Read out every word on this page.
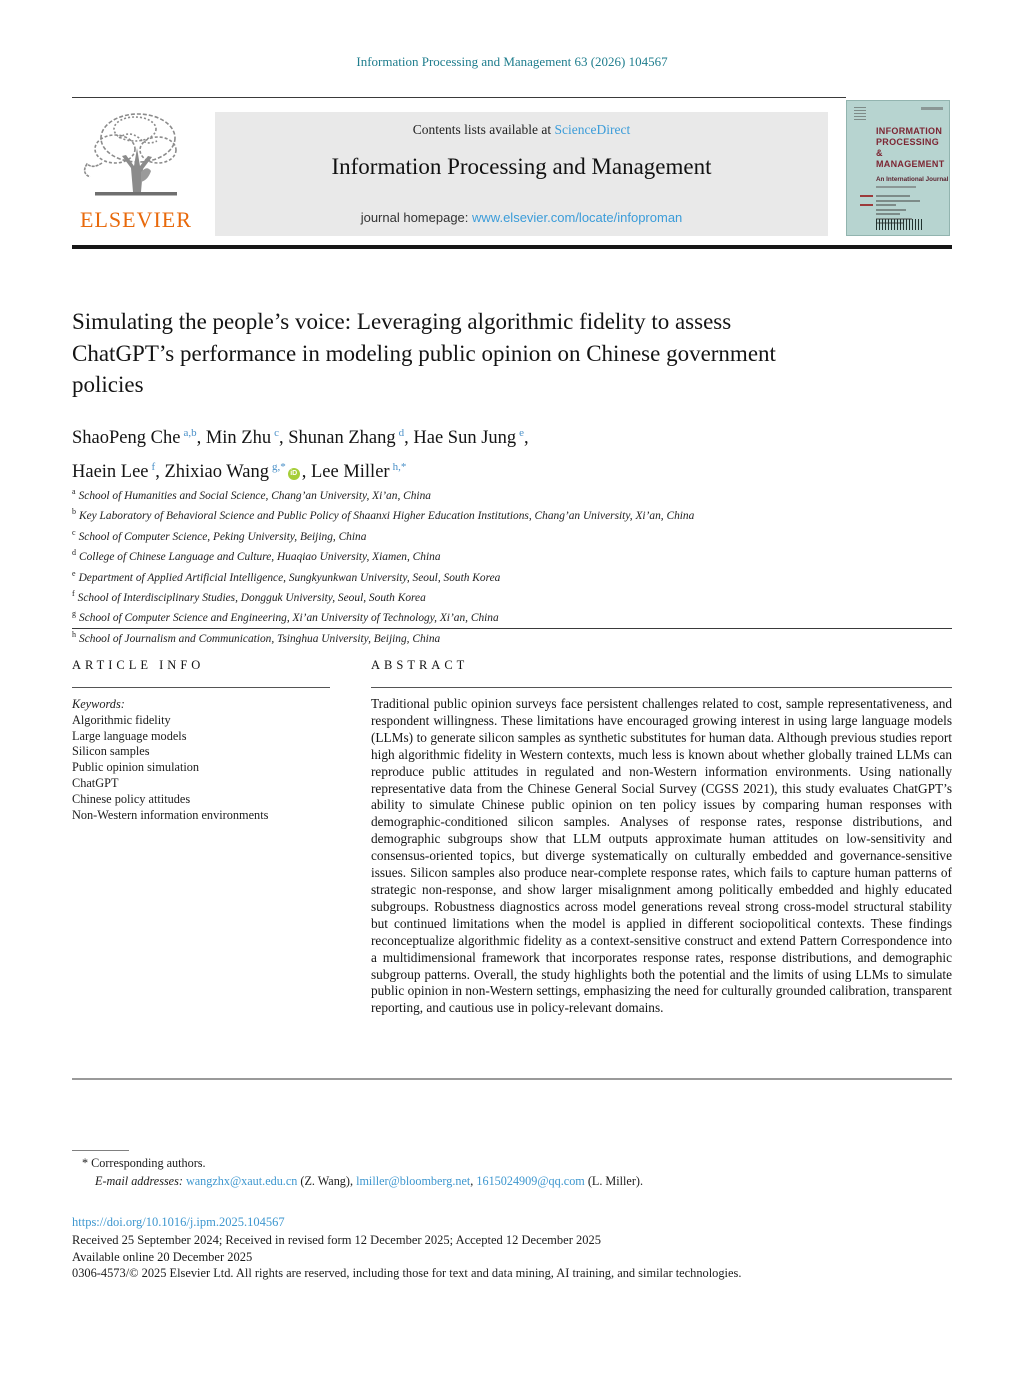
Information Processing and Management 63 (2026) 104567
ELSEVIER
Contents lists available at ScienceDirect
Information Processing and Management
journal homepage: www.elsevier.com/locate/infoproman
INFORMATION
PROCESSING
&
MANAGEMENT
An International Journal
Simulating the people’s voice: Leveraging algorithmic fidelity to assess ChatGPT’s performance in modeling public opinion on Chinese government policies
ShaoPeng Che $^{a,b}$, Min Zhu $^c$, Shunan Zhang $^d$, Hae Sun Jung $^e$,
Haein Lee $^f$, Zhixiao Wang $^{g,*}$iD , Lee Miller $^{h,*}$
$^a$ School of Humanities and Social Science, Chang’an University, Xi’an, China
$^b$ Key Laboratory of Behavioral Science and Public Policy of Shaanxi Higher Education Institutions, Chang’an University, Xi’an, China
$^c$ School of Computer Science, Peking University, Beijing, China
$^d$ College of Chinese Language and Culture, Huaqiao University, Xiamen, China
$^e$ Department of Applied Artificial Intelligence, Sungkyunkwan University, Seoul, South Korea
$^f$ School of Interdisciplinary Studies, Dongguk University, Seoul, South Korea
$^g$ School of Computer Science and Engineering, Xi’an University of Technology, Xi’an, China
$^h$ School of Journalism and Communication, Tsinghua University, Beijing, China
ARTICLE INFO
Keywords:
Algorithmic fidelity
Large language models
Silicon samples
Public opinion simulation
ChatGPT
Chinese policy attitudes
Non-Western information environments
ABSTRACT
Traditional public opinion surveys face persistent challenges related to cost, sample representativeness, and respondent willingness. These limitations have encouraged growing interest in using large language models (LLMs) to generate silicon samples as synthetic substitutes for human data. Although previous studies report high algorithmic fidelity in Western contexts, much less is known about whether globally trained LLMs can reproduce public attitudes in regulated and non-Western information environments. Using nationally representative data from the Chinese General Social Survey (CGSS 2021), this study evaluates ChatGPT’s ability to simulate Chinese public opinion on ten policy issues by comparing human responses with demographic-conditioned silicon samples. Analyses of response rates, response distributions, and demographic subgroups show that LLM outputs approximate human attitudes on low-sensitivity and consensus-oriented topics, but diverge systematically on culturally embedded and governance-sensitive issues. Silicon samples also produce near-complete response rates, which fails to capture human patterns of strategic non-response, and show larger misalignment among politically embedded and highly educated subgroups. Robustness diagnostics across model generations reveal strong cross-model structural stability but continued limitations when the model is applied in different sociopolitical contexts. These findings reconceptualize algorithmic fidelity as a context-sensitive construct and extend Pattern Correspondence into a multidimensional framework that incorporates response rates, response distributions, and demographic subgroup patterns. Overall, the study highlights both the potential and the limits of using LLMs to simulate public opinion in non-Western settings, emphasizing the need for culturally grounded calibration, transparent reporting, and cautious use in policy-relevant domains.
* Corresponding authors.
E-mail addresses: wangzhx@xaut.edu.cn (Z. Wang), lmiller@bloomberg.net, 1615024909@qq.com (L. Miller).
https://doi.org/10.1016/j.ipm.2025.104567
Received 25 September 2024; Received in revised form 12 December 2025; Accepted 12 December 2025
Available online 20 December 2025
0306-4573/© 2025 Elsevier Ltd. All rights are reserved, including those for text and data mining, AI training, and similar technologies.
